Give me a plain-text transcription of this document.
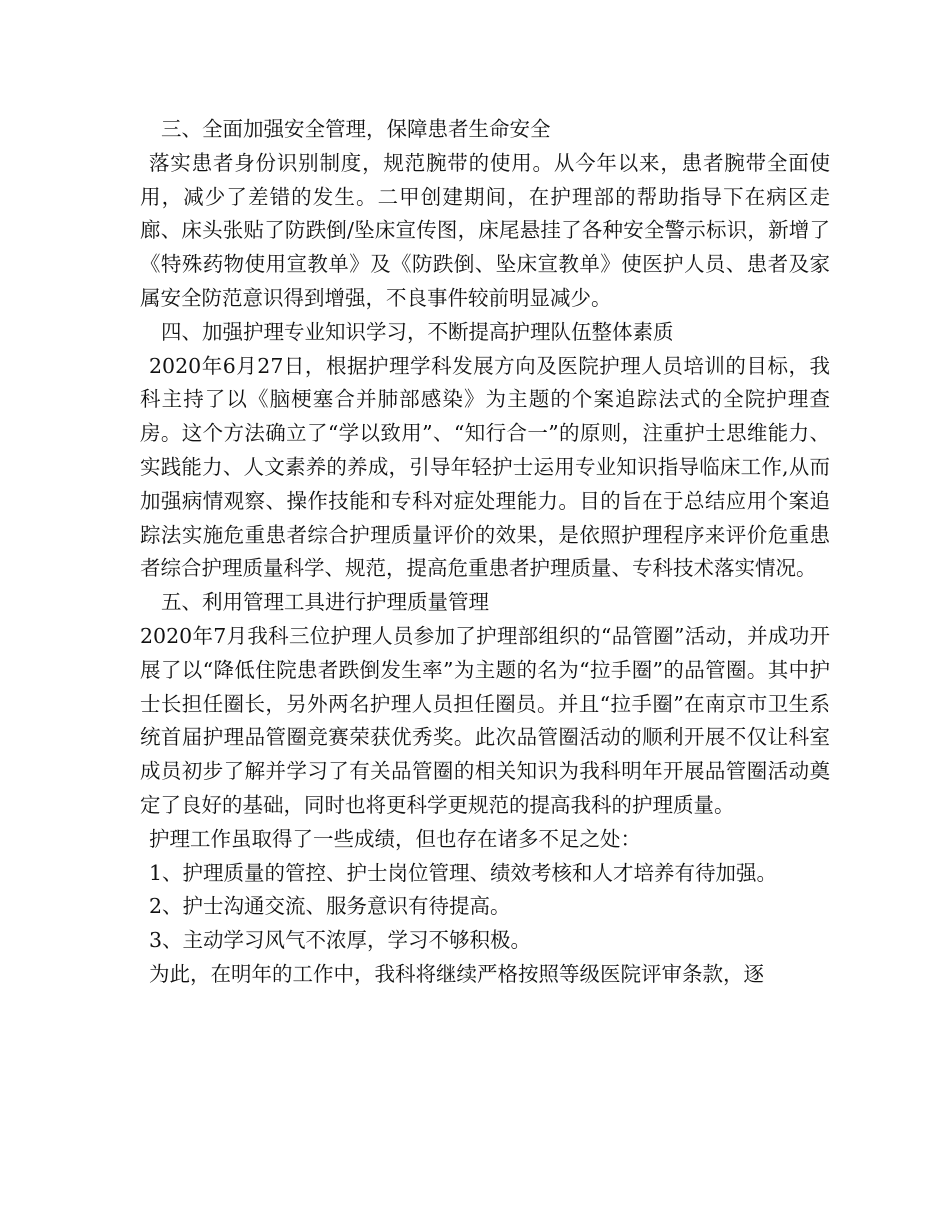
三、全面加强安全管理，保障患者生命安全

落实患者身份识别制度，规范腕带的使用。从今年以来，患者腕带全面使用，减少了差错的发生。二甲创建期间，在护理部的帮助指导下在病区走廊、床头张贴了防跌倒/坠床宣传图，床尾悬挂了各种安全警示标识，新增了《特殊药物使用宣教单》及《防跌倒、坠床宣教单》使医护人员、患者及家属安全防范意识得到增强，不良事件较前明显减少。

四、加强护理专业知识学习，不断提高护理队伍整体素质

2020年6月27日，根据护理学科发展方向及医院护理人员培训的目标，我科主持了以《脑梗塞合并肺部感染》为主题的个案追踪法式的全院护理查房。这个方法确立了“学以致用”、“知行合一”的原则，注重护士思维能力、实践能力、人文素养的养成，引导年轻护士运用专业知识指导临床工作,从而加强病情观察、操作技能和专科对症处理能力。目的旨在于总结应用个案追踪法实施危重患者综合护理质量评价的效果，是依照护理程序来评价危重患者综合护理质量科学、规范，提高危重患者护理质量、专科技术落实情况。

五、利用管理工具进行护理质量管理

2020年7月我科三位护理人员参加了护理部组织的“品管圈”活动，并成功开展了以“降低住院患者跌倒发生率”为主题的名为“拉手圈”的品管圈。其中护士长担任圈长，另外两名护理人员担任圈员。并且“拉手圈”在南京市卫生系统首届护理品管圈竞赛荣获优秀奖。此次品管圈活动的顺利开展不仅让科室成员初步了解并学习了有关品管圈的相关知识为我科明年开展品管圈活动奠定了良好的基础，同时也将更科学更规范的提高我科的护理质量。

护理工作虽取得了一些成绩，但也存在诸多不足之处：

1、护理质量的管控、护士岗位管理、绩效考核和人才培养有待加强。

2、护士沟通交流、服务意识有待提高。

3、主动学习风气不浓厚，学习不够积极。

为此，在明年的工作中，我科将继续严格按照等级医院评审条款，逐
